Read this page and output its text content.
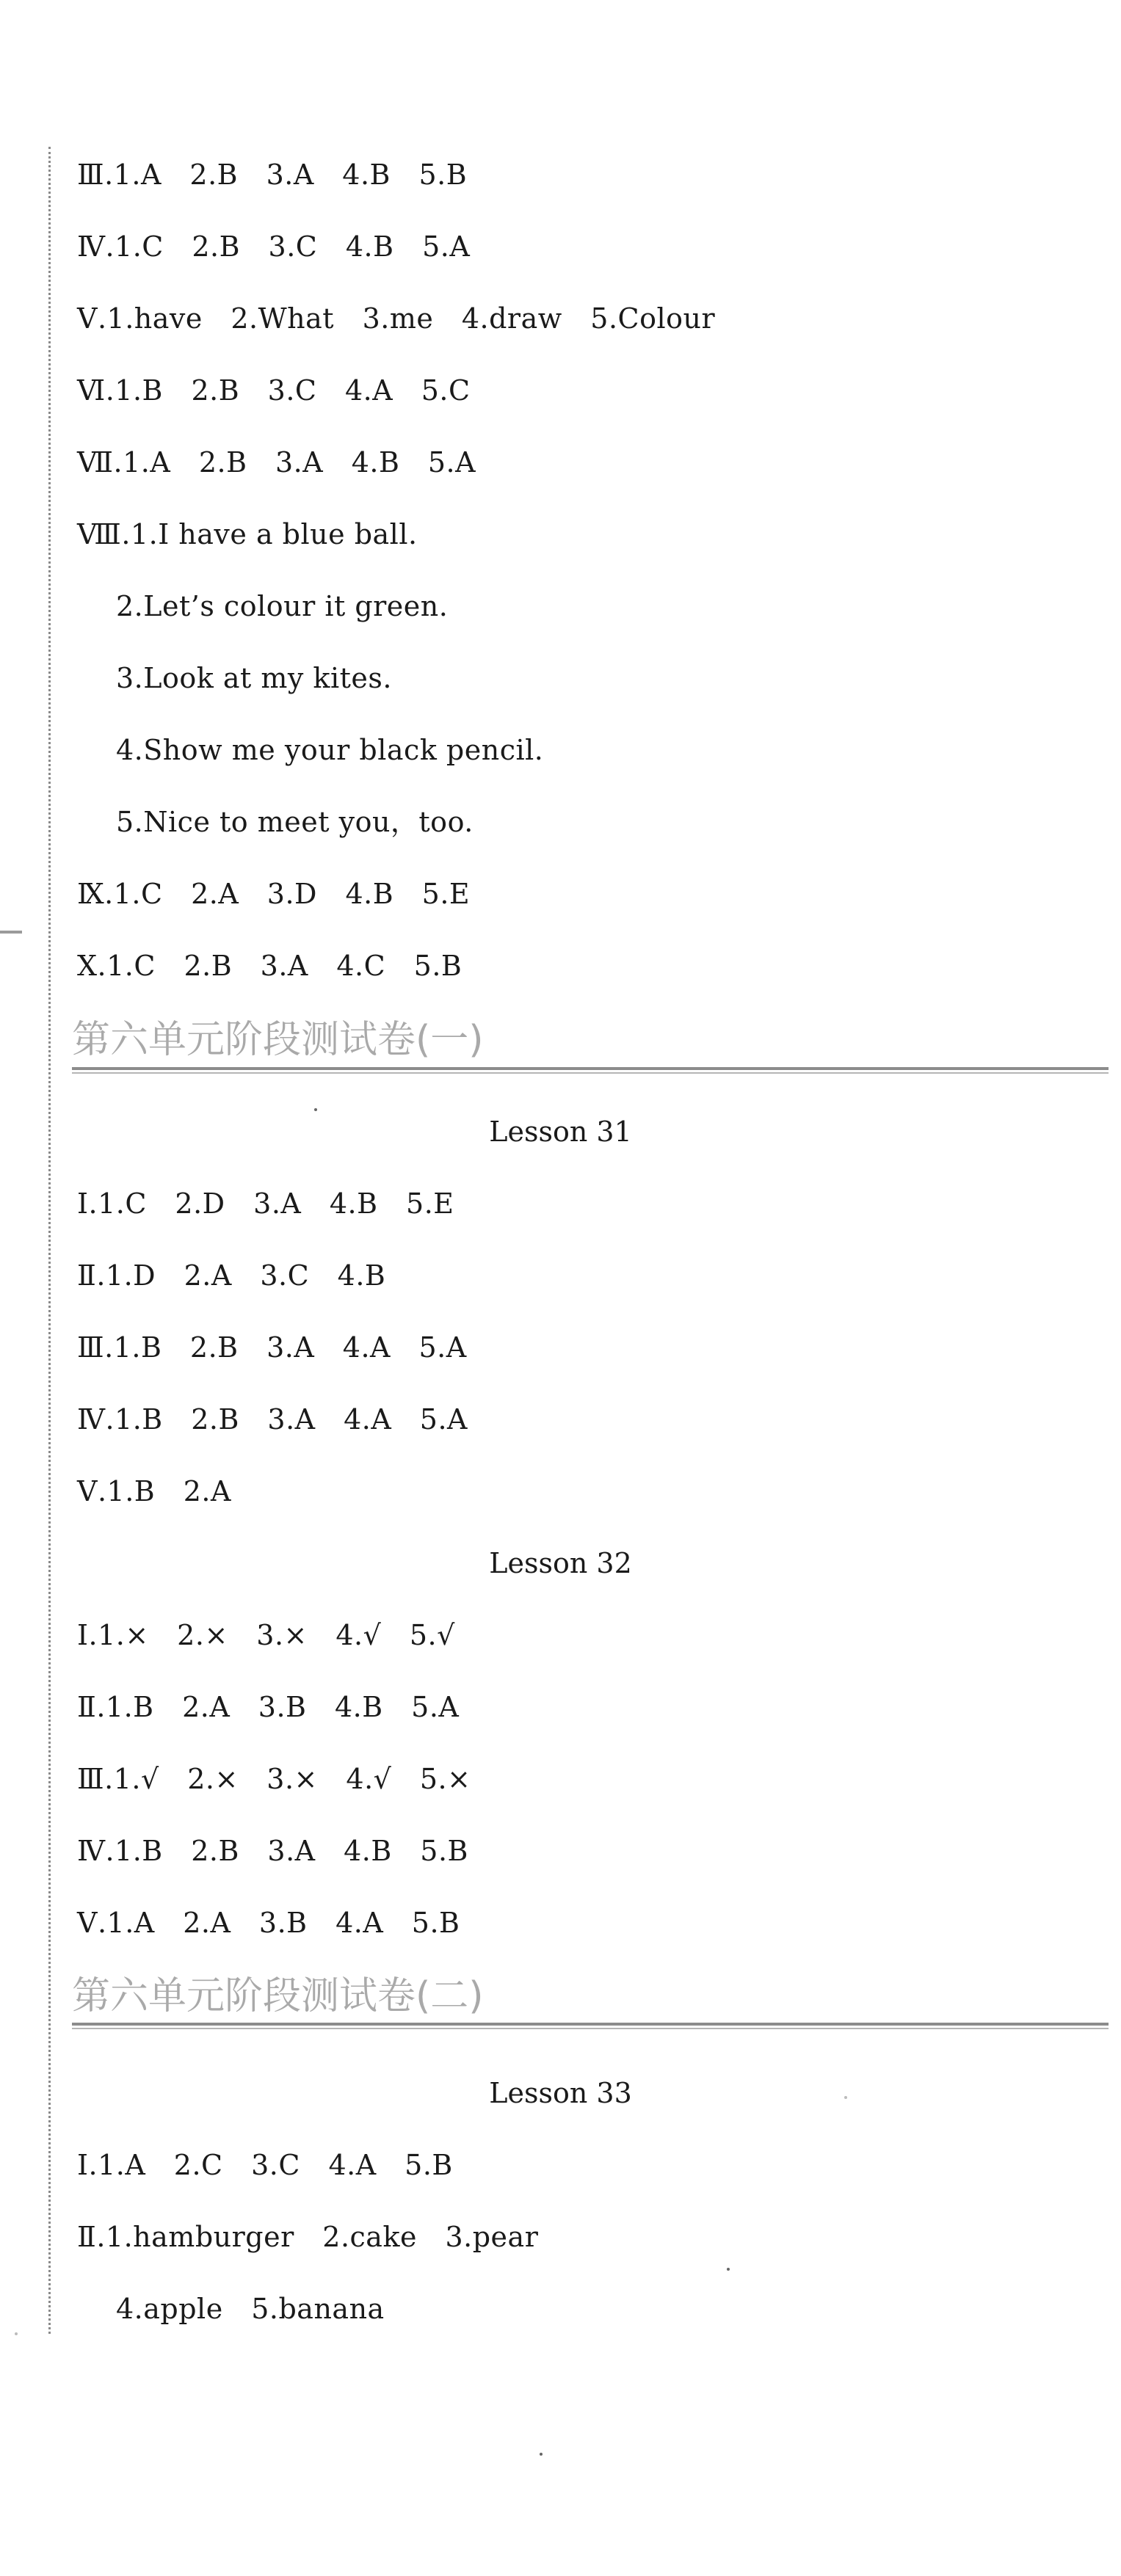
Ⅲ.1.A　2.B　3.A　4.B　5.B
Ⅳ.1.C　2.B　3.C　4.B　5.A
Ⅴ.1.have　2.What　3.me　4.draw　5.Colour
Ⅵ.1.B　2.B　3.C　4.A　5.C
Ⅶ.1.A　2.B　3.A　4.B　5.A
Ⅷ.1.I have a blue ball.
2.Let’s colour it green.
3.Look at my kites.
4.Show me your black pencil.
5.Nice to meet you，too.
Ⅸ.1.C　2.A　3.D　4.B　5.E
Ⅹ.1.C　2.B　3.A　4.C　5.B
第六单元阶段测试卷(一)
Lesson 31
Ⅰ.1.C　2.D　3.A　4.B　5.E
Ⅱ.1.D　2.A　3.C　4.B
Ⅲ.1.B　2.B　3.A　4.A　5.A
Ⅳ.1.B　2.B　3.A　4.A　5.A
Ⅴ.1.B　2.A
Lesson 32
Ⅰ.1.×　2.×　3.×　4.√　5.√
Ⅱ.1.B　2.A　3.B　4.B　5.A
Ⅲ.1.√　2.×　3.×　4.√　5.×
Ⅳ.1.B　2.B　3.A　4.B　5.B
Ⅴ.1.A　2.A　3.B　4.A　5.B
第六单元阶段测试卷(二)
Lesson 33
Ⅰ.1.A　2.C　3.C　4.A　5.B
Ⅱ.1.hamburger　2.cake　3.pear
4.apple　5.banana
